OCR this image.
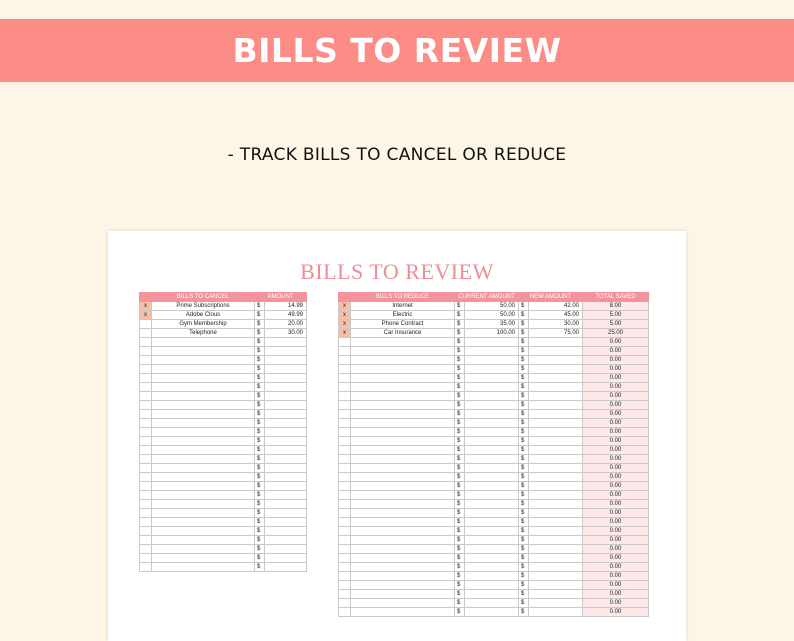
BILLS TO REVIEW
- TRACK BILLS TO CANCEL OR REDUCE
BILLS TO REVIEW
	BILLS TO CANCEL	AMOUNT	
x	Prime Subscriptions	$	14.99
x	Adobe Clous	$	49.99
	Gym Membership	$	20.00
	Telephone	$	30.00
		$	
		$	
		$	
		$	
		$	
		$	
		$	
		$	
		$	
		$	
		$	
		$	
		$	
		$	
		$	
		$	
		$	
		$	
		$	
		$	
		$	
		$	
		$	
		$	
		$	
		$	
	BILLS TO REDUCE	CURRENT AMOUNT		NEW AMOUNT		TOTAL SAVED
x	Internet	$	50.00	$	42.00	8.00
x	Electric	$	50.00	$	45.00	5.00
x	Phone Contract	$	35.00	$	30.00	5.00
x	Car Insurance	$	100.00	$	75.00	25.00
		$		$		0.00
		$		$		0.00
		$		$		0.00
		$		$		0.00
		$		$		0.00
		$		$		0.00
		$		$		0.00
		$		$		0.00
		$		$		0.00
		$		$		0.00
		$		$		0.00
		$		$		0.00
		$		$		0.00
		$		$		0.00
		$		$		0.00
		$		$		0.00
		$		$		0.00
		$		$		0.00
		$		$		0.00
		$		$		0.00
		$		$		0.00
		$		$		0.00
		$		$		0.00
		$		$		0.00
		$		$		0.00
		$		$		0.00
		$		$		0.00
		$		$		0.00
		$		$		0.00
		$		$		0.00
		$		$		0.00
